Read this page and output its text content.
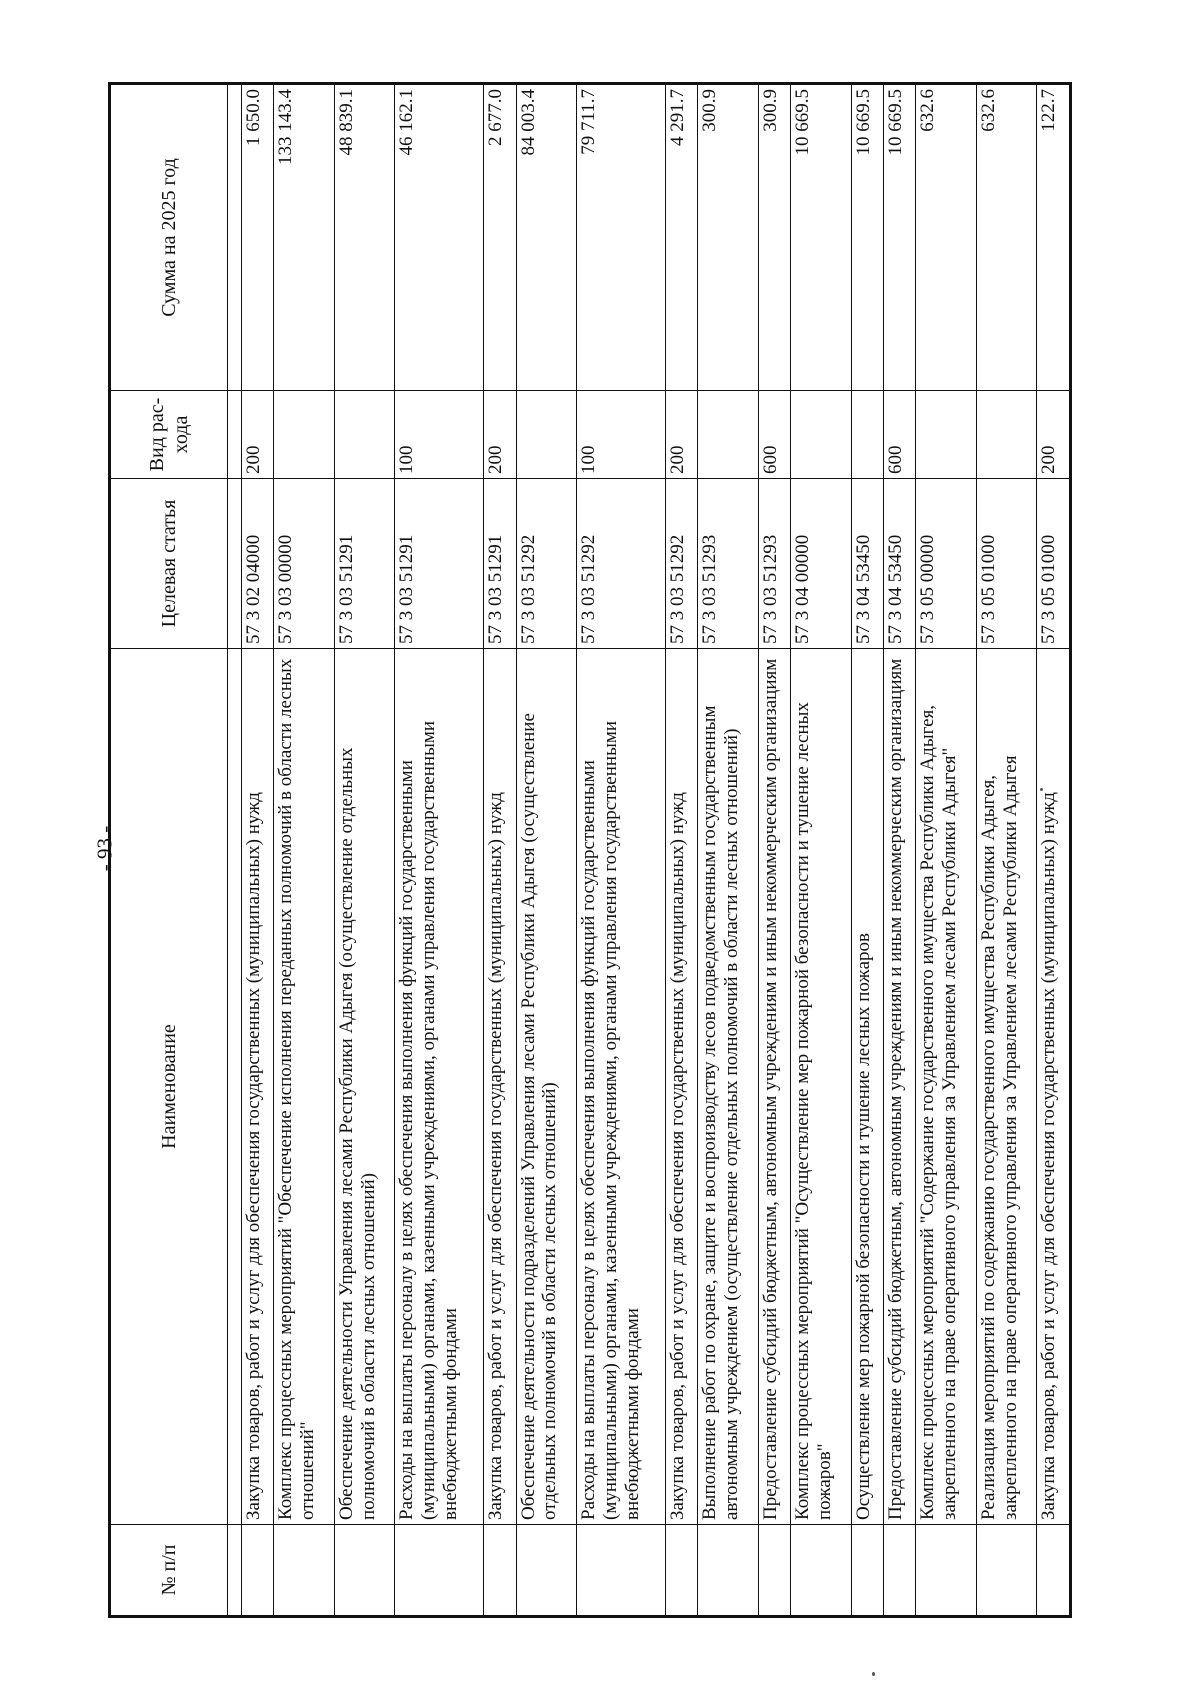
- 93 -
№ п/п	Наименование	Целевая статья	Вид рас- хода	Сумма на 2025 год

	Закупка товаров, работ и услуг для обеспечения государственных (муниципальных) нужд	57 3 02 04000	200	1 650.0
	Комплекс процессных мероприятий "Обеспечение исполнения переданных полномочий в области лесных отношений"	57 3 03 00000		133 143.4
	Обеспечение деятельности Управления лесами Республики Адыгея (осуществление отдельных полномочий в области лесных отношений)	57 3 03 51291		48 839.1
	Расходы на выплаты персоналу в целях обеспечения выполнения функций государственными (муниципальными) органами, казенными учреждениями, органами управления государственными внебюджетными фондами	57 3 03 51291	100	46 162.1
	Закупка товаров, работ и услуг для обеспечения государственных (муниципальных) нужд	57 3 03 51291	200	2 677.0
	Обеспечение деятельности подразделений Управления лесами Республики Адыгея (осуществление отдельных полномочий в области лесных отношений)	57 3 03 51292		84 003.4
	Расходы на выплаты персоналу в целях обеспечения выполнения функций государственными (муниципальными) органами, казенными учреждениями, органами управления государственными внебюджетными фондами	57 3 03 51292	100	79 711.7
	Закупка товаров, работ и услуг для обеспечения государственных (муниципальных) нужд	57 3 03 51292	200	4 291.7
	Выполнение работ по охране, защите и воспроизводству лесов подведомственным государственным автономным учреждением (осуществление отдельных полномочий в области лесных отношений)	57 3 03 51293		300.9
	Предоставление субсидий бюджетным, автономным учреждениям и иным некоммерческим организациям	57 3 03 51293	600	300.9
	Комплекс процессных мероприятий "Осуществление мер пожарной безопасности и тушение лесных пожаров"	57 3 04 00000		10 669.5
	Осуществление мер пожарной безопасности и тушение лесных пожаров	57 3 04 53450		10 669.5
	Предоставление субсидий бюджетным, автономным учреждениям и иным некоммерческим организациям	57 3 04 53450	600	10 669.5
	Комплекс процессных мероприятий "Содержание государственного имущества Республики Адыгея, закрепленного на праве оперативного управления за Управлением лесами Республики Адыгея"	57 3 05 00000		632.6
	Реализация мероприятий по содержанию государственного имущества Республики Адыгея, закрепленного на праве оперативного управления за Управлением лесами Республики Адыгея	57 3 05 01000		632.6
	Закупка товаров, работ и услуг для обеспечения государственных (муниципальных) нужд	57 3 05 01000	200	122.7
